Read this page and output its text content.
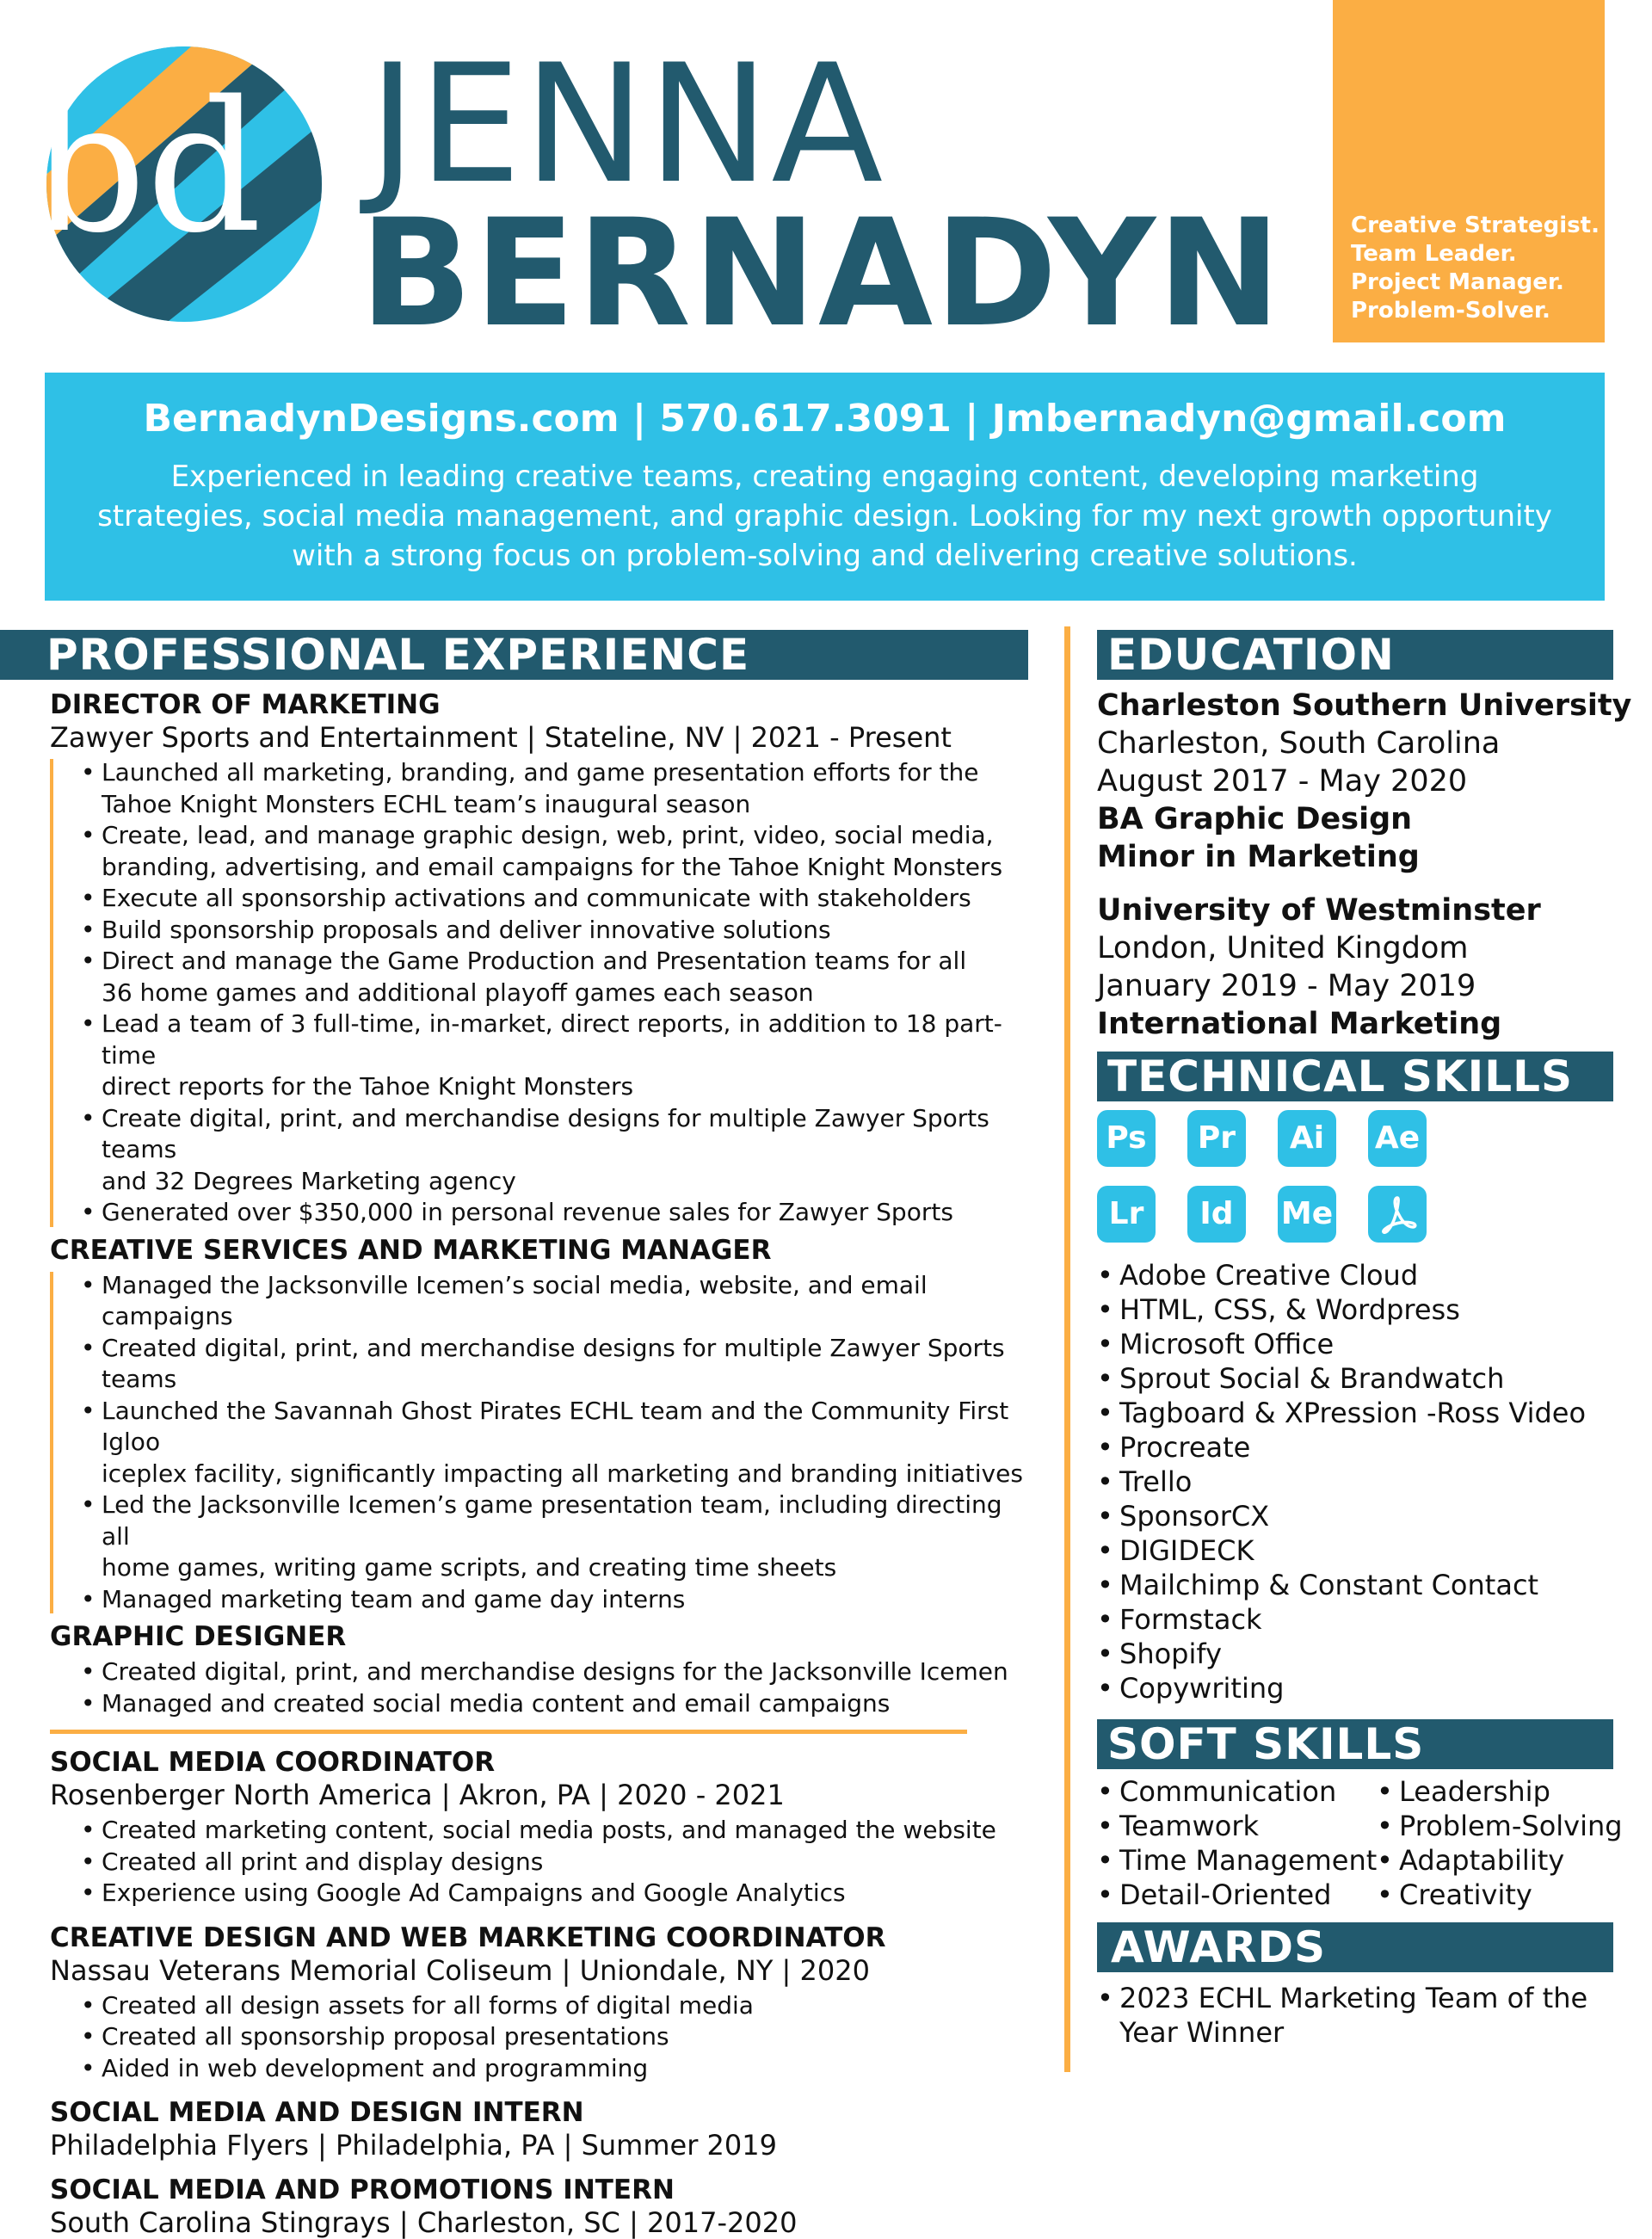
bd JENNA
BERNADYN	Creative Strategist.
Team Leader.
Project Manager.
Problem-Solver.
BernadynDesigns.com | 570.617.3091 | Jmbernadyn@gmail.com
Experienced in leading creative teams, creating engaging content, developing marketing strategies, social media management, and graphic design. Looking for my next growth opportunity with a strong focus on problem-solving and delivering creative solutions.
PROFESSIONAL EXPERIENCE
DIRECTOR OF MARKETING
Zawyer Sports and Entertainment | Stateline, NV | 2021 - Present
• Launched all marketing, branding, and game presentation efforts for the
Tahoe Knight Monsters ECHL team’s inaugural season
• Create, lead, and manage graphic design, web, print, video, social media,
branding, advertising, and email campaigns for the Tahoe Knight Monsters
• Execute all sponsorship activations and communicate with stakeholders
• Build sponsorship proposals and deliver innovative solutions
• Direct and manage the Game Production and Presentation teams for all
36 home games and additional playoff games each season
• Lead a team of 3 full-time, in-market, direct reports, in addition to 18 part-time
direct reports for the Tahoe Knight Monsters
• Create digital, print, and merchandise designs for multiple Zawyer Sports teams
and 32 Degrees Marketing agency
• Generated over $350,000 in personal revenue sales for Zawyer Sports
CREATIVE SERVICES AND MARKETING MANAGER
• Managed the Jacksonville Icemen’s social media, website, and email campaigns
• Created digital, print, and merchandise designs for multiple Zawyer Sports teams
• Launched the Savannah Ghost Pirates ECHL team and the Community First Igloo
iceplex facility, significantly impacting all marketing and branding initiatives
• Led the Jacksonville Icemen’s game presentation team, including directing all
home games, writing game scripts, and creating time sheets
• Managed marketing team and game day interns
GRAPHIC DESIGNER
• Created digital, print, and merchandise designs for the Jacksonville Icemen
• Managed and created social media content and email campaigns
SOCIAL MEDIA COORDINATOR
Rosenberger North America | Akron, PA | 2020 - 2021
• Created marketing content, social media posts, and managed the website
• Created all print and display designs
• Experience using Google Ad Campaigns and Google Analytics
CREATIVE DESIGN AND WEB MARKETING COORDINATOR
Nassau Veterans Memorial Coliseum | Uniondale, NY | 2020
• Created all design assets for all forms of digital media
• Created all sponsorship proposal presentations
• Aided in web development and programming
SOCIAL MEDIA AND DESIGN INTERN
Philadelphia Flyers | Philadelphia, PA | Summer 2019
SOCIAL MEDIA AND PROMOTIONS INTERN
South Carolina Stingrays | Charleston, SC | 2017-2020
EDUCATION
Charleston Southern University
Charleston, South Carolina
August 2017 - May 2020
BA Graphic Design
Minor in Marketing
University of Westminster
London, United Kingdom
January 2019 - May 2019
International Marketing
TECHNICAL SKILLS
Ps	Pr	Ai	Ae
Lr	Id	Me
• Adobe Creative Cloud
• HTML, CSS, & Wordpress
• Microsoft Office
• Sprout Social & Brandwatch
• Tagboard & XPression -Ross Video
• Procreate
• Trello
• SponsorCX
• DIGIDECK
• Mailchimp & Constant Contact
• Formstack
• Shopify
• Copywriting
SOFT SKILLS
• Communication	• Leadership
• Teamwork	• Problem-Solving
• Time Management • Adaptability
• Detail-Oriented	• Creativity
AWARDS
• 2023 ECHL Marketing Team of the
Year Winner
